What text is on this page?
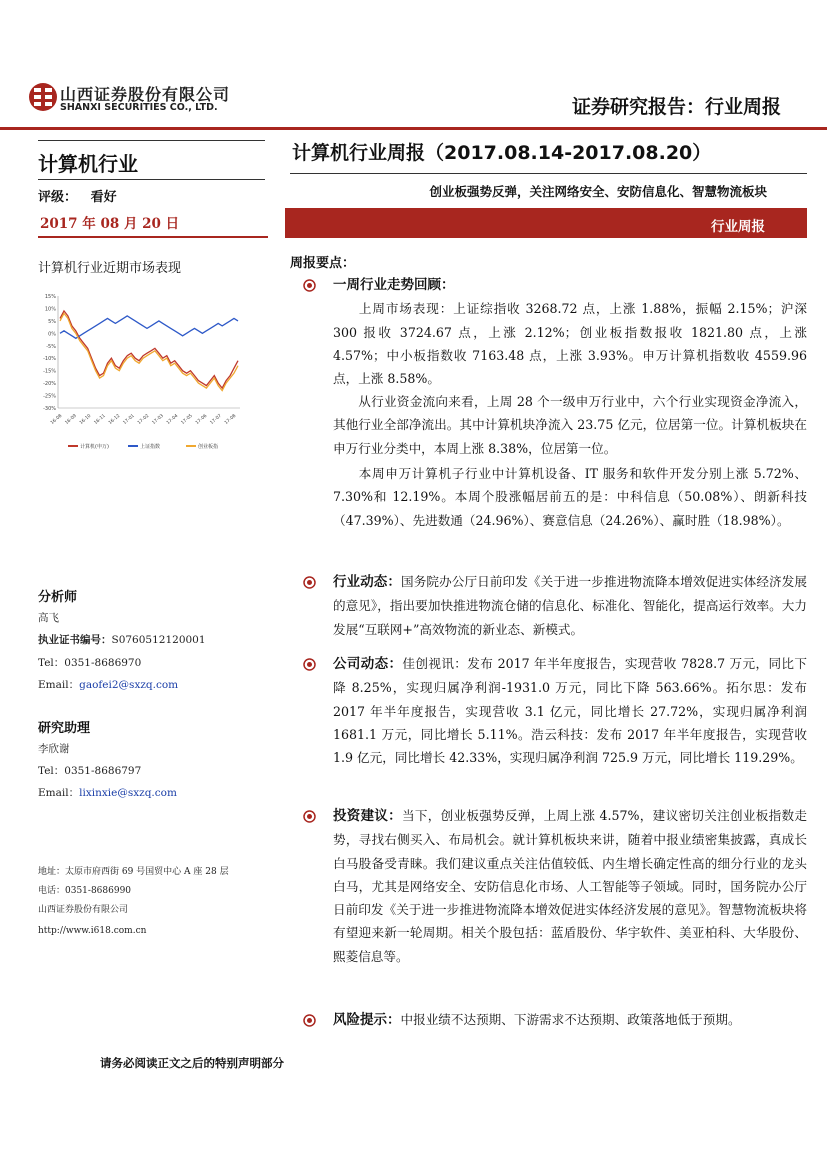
山西证券股份有限公司
SHANXI SECURITIES CO., LTD.	证券研究报告：行业周报
计算机行业
评级： 看好
2017 年 08 月 20 日
计算机行业周报（2017.08.14-2017.08.20）
创业板强势反弹，关注网络安全、安防信息化、智慧物流板块
行业周报
计算机行业近期市场表现
15%
10%
5%
0%
-5%
-10%
-15%
-20%
-25%
-30%
16-08 16-09 16-10 16-11 16-12 17-01 17-02 17-03 17-04 17-05 17-06 17-07 17-08
计算机(申万)	上证指数	创业板指
分析师
高飞
执业证书编号：S0760512120001
Tel：0351-8686970
Email：gaofei2@sxzq.com
研究助理
李欣谢
Tel：0351-8686797
Email：lixinxie@sxzq.com
地址：太原市府西街 69 号国贸中心 A 座 28 层
电话：0351-8686990
山西证券股份有限公司
http://www.i618.com.cn
周报要点：
一周行业走势回顾：
上周市场表现：上证综指收 3268.72 点，上涨 1.88%，振幅 2.15%；沪深 300 报收 3724.67 点，上涨 2.12%；创业板指数报收 1821.80 点，上涨 4.57%；中小板指数收 7163.48 点，上涨 3.93%。申万计算机指数收 4559.96 点，上涨 8.58%。
从行业资金流向来看，上周 28 个一级申万行业中，六个行业实现资金净流入，其他行业全部净流出。其中计算机块净流入 23.75 亿元，位居第一位。计算机板块在申万行业分类中，本周上涨 8.38%，位居第一位。
本周申万计算机子行业中计算机设备、IT 服务和软件开发分别上涨 5.72%、7.30%和 12.19%。本周个股涨幅居前五的是：中科信息（50.08%）、朗新科技（47.39%）、先进数通（24.96%）、赛意信息（24.26%）、赢时胜（18.98%）。
行业动态：国务院办公厅日前印发《关于进一步推进物流降本增效促进实体经济发展的意见》，指出要加快推进物流仓储的信息化、标准化、智能化，提高运行效率。大力发展“互联网+”高效物流的新业态、新模式。
公司动态：佳创视讯：发布 2017 年半年度报告，实现营收 7828.7 万元，同比下降 8.25%，实现归属净利润-1931.0 万元，同比下降 563.66%。拓尔思：发布 2017 年半年度报告，实现营收 3.1 亿元，同比增长 27.72%，实现归属净利润 1681.1 万元，同比增长 5.11%。浩云科技：发布 2017 年半年度报告，实现营收 1.9 亿元，同比增长 42.33%，实现归属净利润 725.9 万元，同比增长 119.29%。
投资建议：当下，创业板强势反弹，上周上涨 4.57%，建议密切关注创业板指数走势，寻找右侧买入、布局机会。就计算机板块来讲，随着中报业绩密集披露，真成长白马股备受青睐。我们建议重点关注估值较低、内生增长确定性高的细分行业的龙头白马，尤其是网络安全、安防信息化市场、人工智能等子领域。同时，国务院办公厅日前印发《关于进一步推进物流降本增效促进实体经济发展的意见》。智慧物流板块将有望迎来新一轮周期。相关个股包括：蓝盾股份、华宇软件、美亚柏科、大华股份、熙菱信息等。
风险提示：中报业绩不达预期、下游需求不达预期、政策落地低于预期。
请务必阅读正文之后的特别声明部分
